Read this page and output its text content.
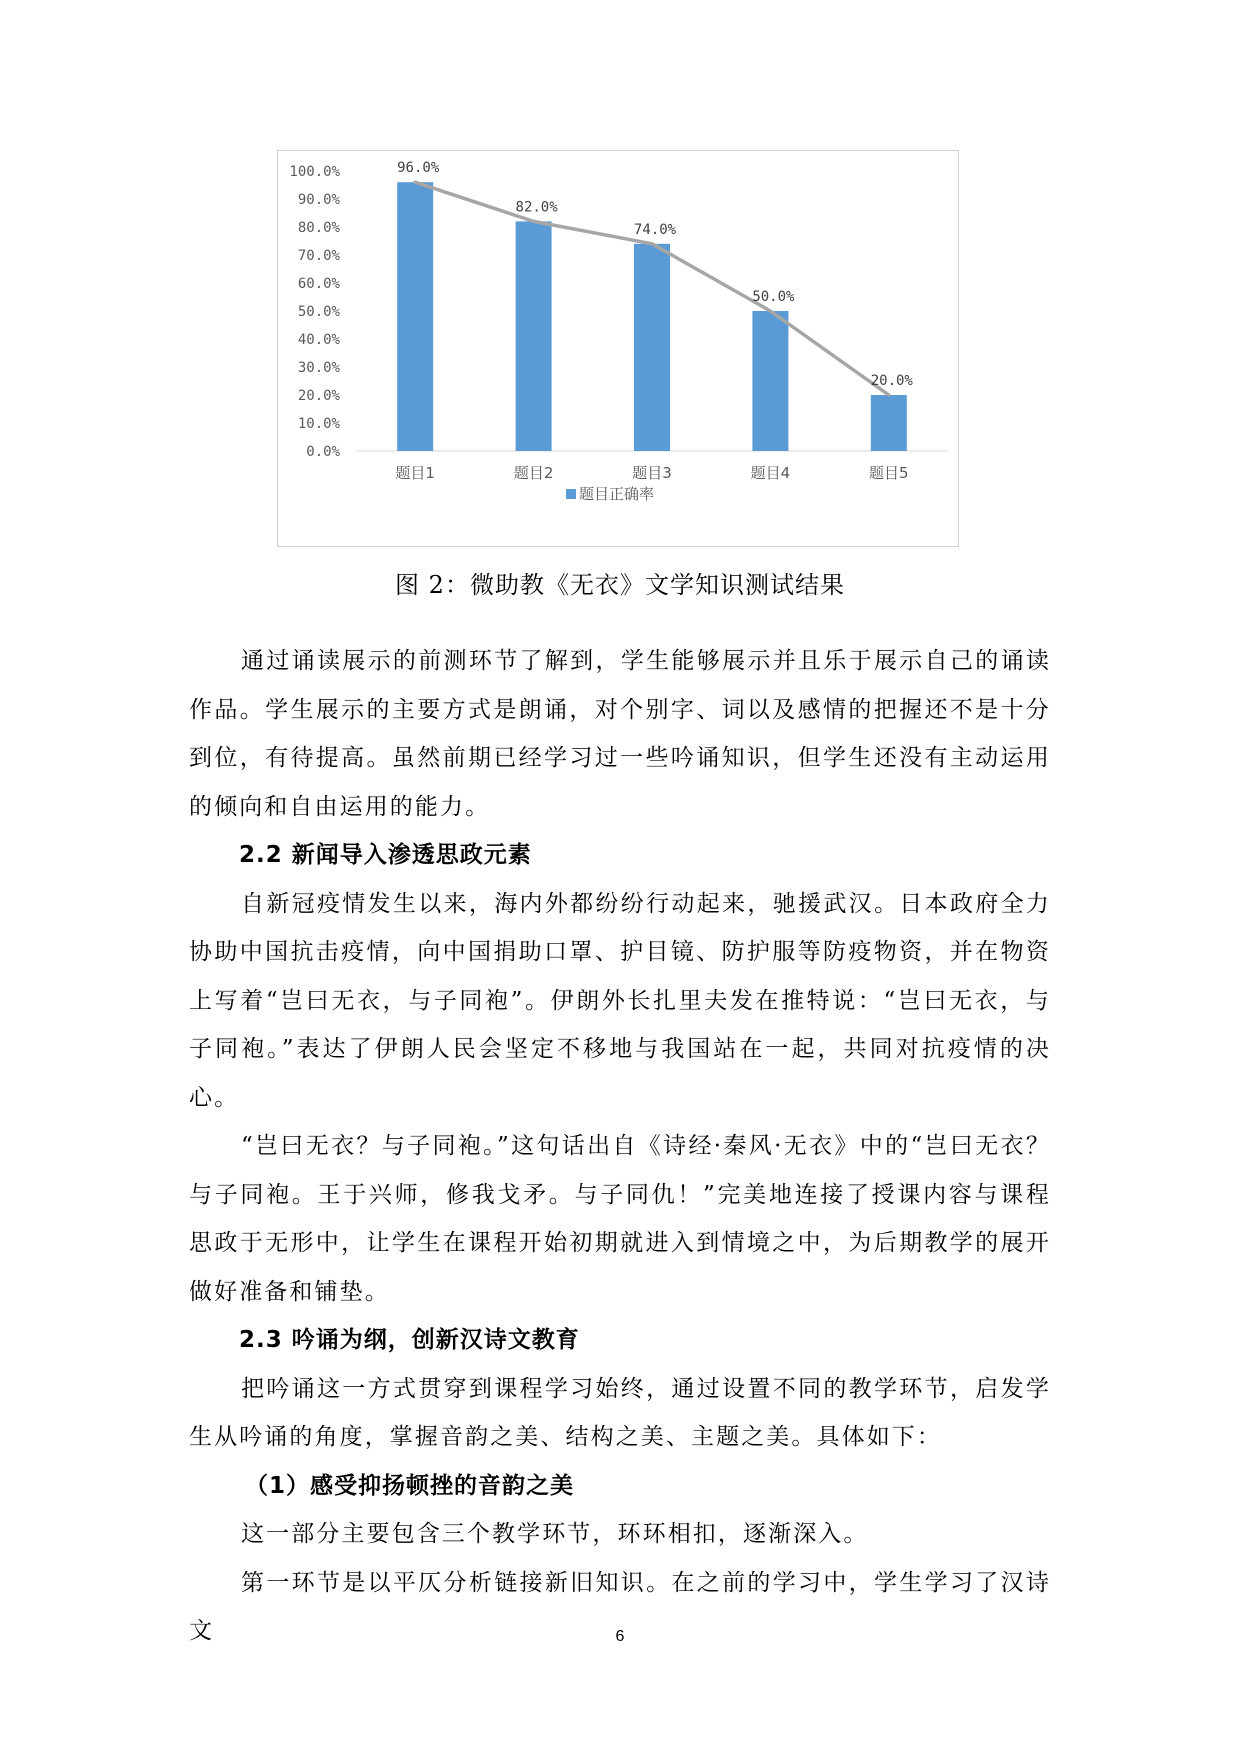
0.0%
10.0%
20.0%
30.0%
40.0%
50.0%
60.0%
70.0%
80.0%
90.0%
100.0%
题目1	题目2	题目3	题目4	题目5
96.0%
82.0%
74.0%
50.0%
20.0%
题目正确率
图 2：微助教《无衣》文学知识测试结果

通过诵读展示的前测环节了解到，学生能够展示并且乐于展示自己的诵读作品。学生展示的主要方式是朗诵，对个别字、词以及感情的把握还不是十分到位，有待提高。虽然前期已经学习过一些吟诵知识，但学生还没有主动运用的倾向和自由运用的能力。

2.2 新闻导入渗透思政元素

自新冠疫情发生以来，海内外都纷纷行动起来，驰援武汉。日本政府全力协助中国抗击疫情，向中国捐助口罩、护目镜、防护服等防疫物资，并在物资上写着“岂曰无衣，与子同袍”。伊朗外长扎里夫发在推特说：“岂曰无衣，与子同袍。”表达了伊朗人民会坚定不移地与我国站在一起，共同对抗疫情的决心。

“岂曰无衣？与子同袍。”这句话出自《诗经·秦风·无衣》中的“岂曰无衣？与子同袍。王于兴师，修我戈矛。与子同仇！”完美地连接了授课内容与课程思政于无形中，让学生在课程开始初期就进入到情境之中，为后期教学的展开做好准备和铺垫。

2.3 吟诵为纲，创新汉诗文教育

把吟诵这一方式贯穿到课程学习始终，通过设置不同的教学环节，启发学生从吟诵的角度，掌握音韵之美、结构之美、主题之美。具体如下：

（1）感受抑扬顿挫的音韵之美

这一部分主要包含三个教学环节，环环相扣，逐渐深入。

第一环节是以平仄分析链接新旧知识。在之前的学习中，学生学习了汉诗文	6
